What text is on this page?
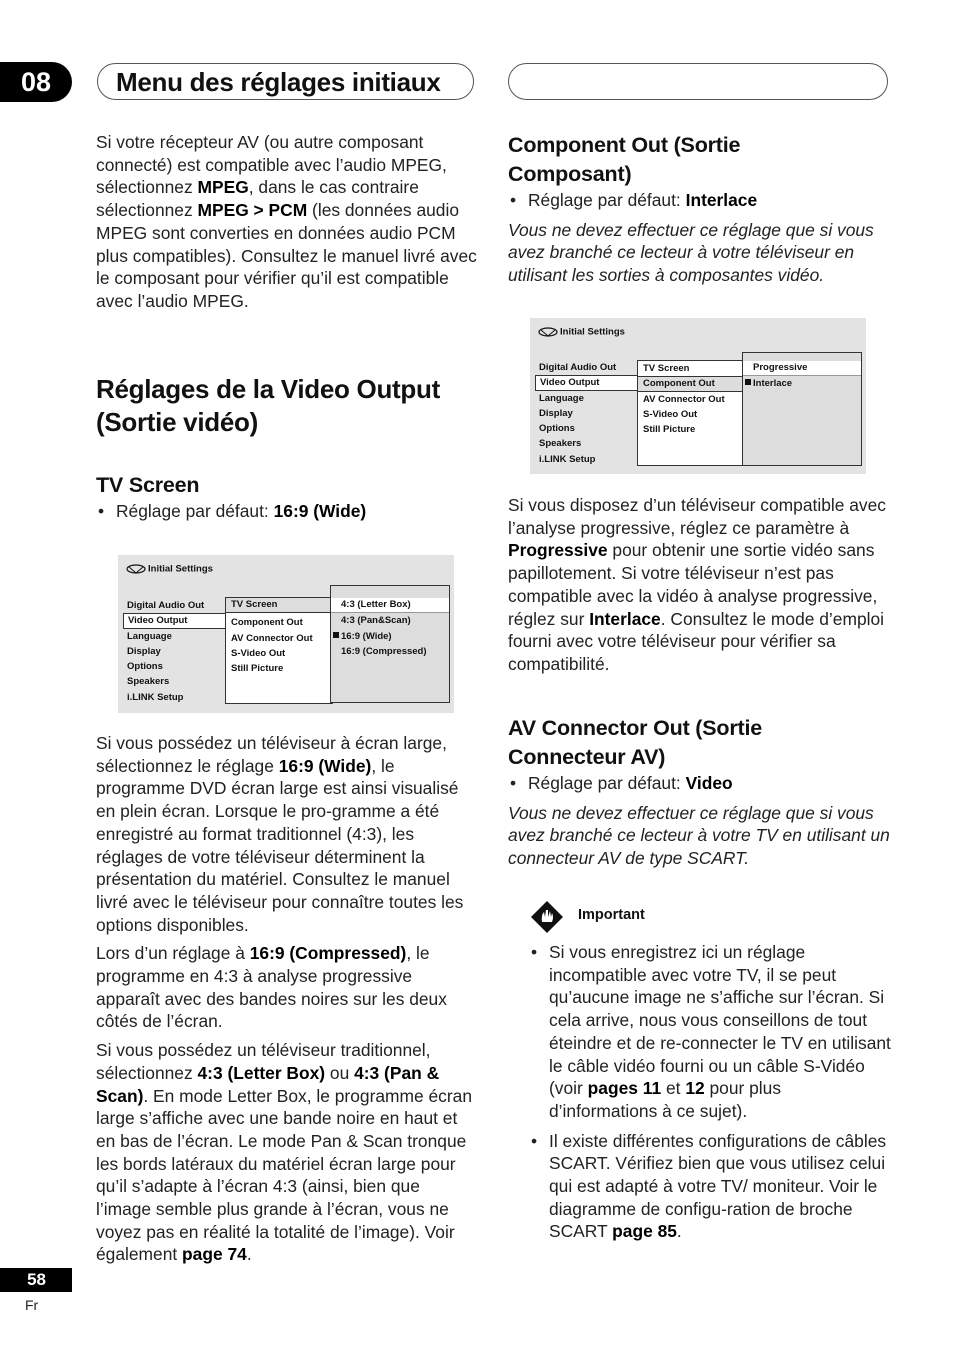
08	Menu des réglages initiaux

Si votre récepteur AV (ou autre composant connecté) est compatible avec l’audio MPEG, sélectionnez MPEG, dans le cas contraire sélectionnez MPEG > PCM (les données audio MPEG sont converties en données audio PCM plus compatibles). Consultez le manuel livré avec le composant pour vérifier qu’il est compatible avec l’audio MPEG.

Réglages de la Video Output
(Sortie vidéo)
TV Screen

• Réglage par défaut: 16:9 (Wide)

Initial Settings
Digital Audio Out
Video Output
Language
Display
Options
Speakers
i.LINK Setup
TV Screen
Component Out
AV Connector Out
S-Video Out
Still Picture
4:3 (Letter Box)
4:3 (Pan&Scan)
16:9 (Wide)
16:9 (Compressed)

Si vous possédez un téléviseur à écran large, sélectionnez le réglage 16:9 (Wide), le programme DVD écran large est ainsi visualisé en plein écran. Lorsque le pro-gramme a été enregistré au format traditionnel (4:3), les réglages de votre téléviseur déterminent la présentation du matériel. Consultez le manuel livré avec le téléviseur pour connaître toutes les options disponibles.

Lors d’un réglage à 16:9 (Compressed), le programme en 4:3 à analyse progressive apparaît avec des bandes noires sur les deux côtés de l’écran.

Si vous possédez un téléviseur traditionnel, sélectionnez 4:3 (Letter Box) ou 4:3 (Pan & Scan). En mode Letter Box, le programme écran large s’affiche avec une bande noire en haut et en bas de l’écran. Le mode Pan & Scan tronque les bords latéraux du matériel écran large pour qu’il s’adapte à l’écran 4:3 (ainsi, bien que l’image semble plus grande à l’écran, vous ne voyez pas en réalité la totalité de l’image). Voir également page 74.

Component Out (Sortie
Composant)

• Réglage par défaut: Interlace

Vous ne devez effectuer ce réglage que si vous avez branché ce lecteur à votre téléviseur en utilisant les sorties à composantes vidéo.

Initial Settings
Digital Audio Out
Video Output
Language
Display
Options
Speakers
i.LINK Setup
TV Screen
Component Out
AV Connector Out
S-Video Out
Still Picture
Progressive
Interlace

Si vous disposez d’un téléviseur compatible avec l’analyse progressive, réglez ce paramètre à Progressive pour obtenir une sortie vidéo sans papillotement. Si votre téléviseur n’est pas compatible avec la vidéo à analyse progressive, réglez sur Interlace. Consultez le mode d’emploi fourni avec votre téléviseur pour vérifier sa compatibilité.

AV Connector Out (Sortie
Connecteur AV)

• Réglage par défaut: Video

Vous ne devez effectuer ce réglage que si vous avez branché ce lecteur à votre TV en utilisant un connecteur AV de type SCART.

Important

• Si vous enregistrez ici un réglage incompatible avec votre TV, il se peut qu’aucune image ne s’affiche sur l’écran. Si cela arrive, nous vous conseillons de tout éteindre et de re-connecter le TV en utilisant le câble vidéo fourni ou un câble S-Vidéo (voir pages 11 et 12 pour plus d’informations à ce sujet).

• Il existe différentes configurations de câbles SCART. Vérifiez bien que vous utilisez celui qui est adapté à votre TV/ moniteur. Voir le diagramme de configu-ration de broche SCART page 85.

58
Fr
